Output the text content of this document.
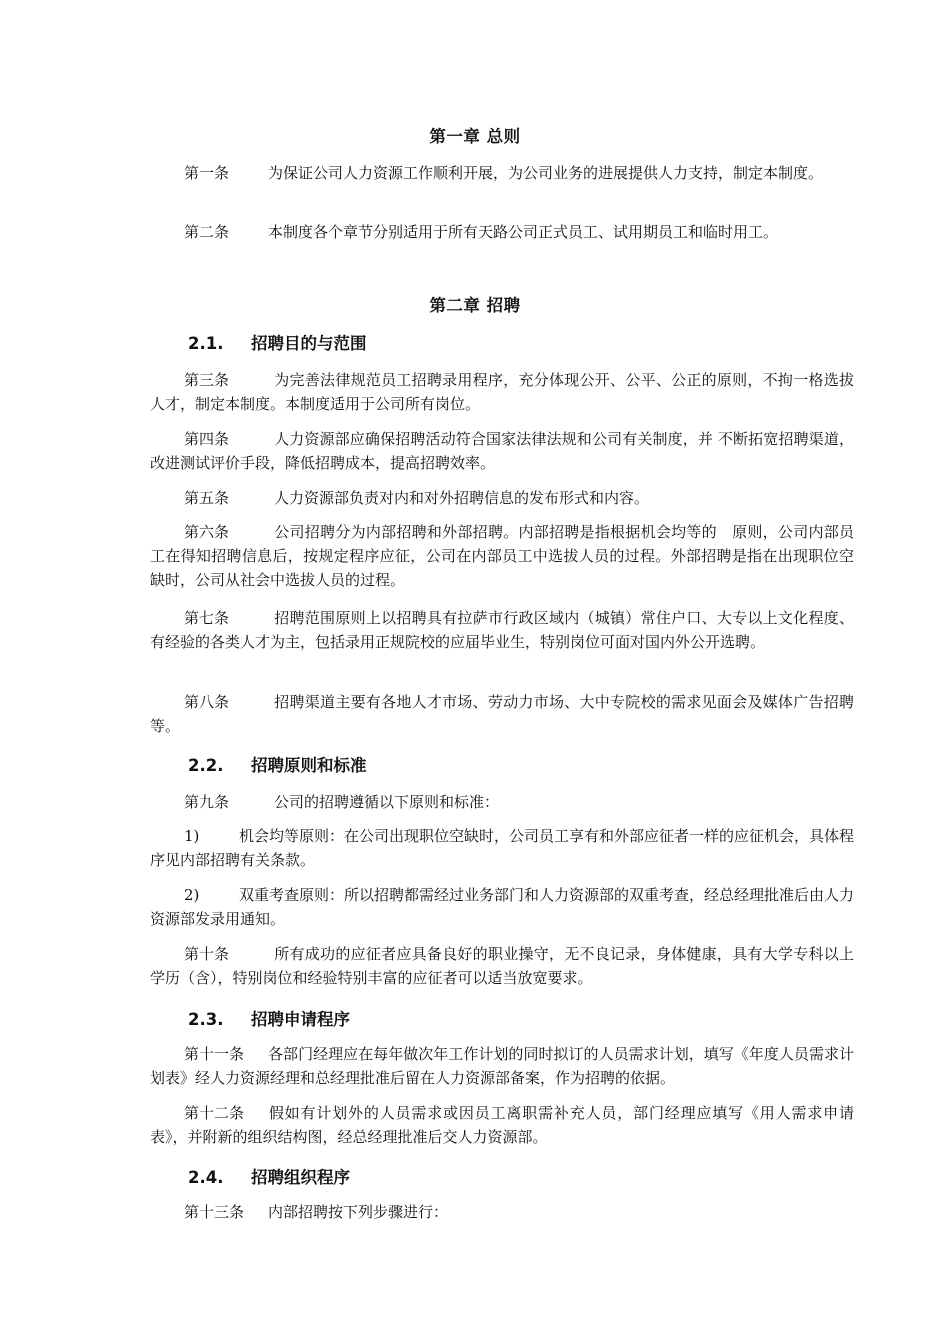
第一章 总则
第一条	为保证公司人力资源工作顺利开展，为公司业务的进展提供人力支持，制定本制度。
第二条	本制度各个章节分别适用于所有天路公司正式员工、试用期员工和临时用工。
第二章 招聘
2.1. 招聘目的与范围
第三条	为完善法律规范员工招聘录用程序，充分体现公开、公平、公正的原则，不拘一格选拔人才，制定本制度。本制度适用于公司所有岗位。
第四条	人力资源部应确保招聘活动符合国家法律法规和公司有关制度，并 不断拓宽招聘渠道，改进测试评价手段，降低招聘成本，提高招聘效率。
第五条	人力资源部负责对内和对外招聘信息的发布形式和内容。
第六条	公司招聘分为内部招聘和外部招聘。内部招聘是指根据机会均等的　原则，公司内部员工在得知招聘信息后，按规定程序应征，公司在内部员工中选拔人员的过程。外部招聘是指在出现职位空缺时，公司从社会中选拔人员的过程。
第七条	招聘范围原则上以招聘具有拉萨市行政区域内（城镇）常住户口、大专以上文化程度、有经验的各类人才为主，包括录用正规院校的应届毕业生，特别岗位可面对国内外公开选聘。
第八条	招聘渠道主要有各地人才市场、劳动力市场、大中专院校的需求见面会及媒体广告招聘等。
2.2. 招聘原则和标准
第九条	公司的招聘遵循以下原则和标准：
1)	机会均等原则：在公司出现职位空缺时，公司员工享有和外部应征者一样的应征机会，具体程序见内部招聘有关条款。
2)	双重考查原则：所以招聘都需经过业务部门和人力资源部的双重考查，经总经理批准后由人力资源部发录用通知。
第十条	所有成功的应征者应具备良好的职业操守，无不良记录，身体健康，具有大学专科以上学历（含），特别岗位和经验特别丰富的应征者可以适当放宽要求。
2.3. 招聘申请程序
第十一条 各部门经理应在每年做次年工作计划的同时拟订的人员需求计划，填写《年度人员需求计划表》经人力资源经理和总经理批准后留在人力资源部备案，作为招聘的依据。
第十二条 假如有计划外的人员需求或因员工离职需补充人员，部门经理应填写《用人需求申请表》，并附新的组织结构图，经总经理批准后交人力资源部。
2.4. 招聘组织程序
第十三条 内部招聘按下列步骤进行：
